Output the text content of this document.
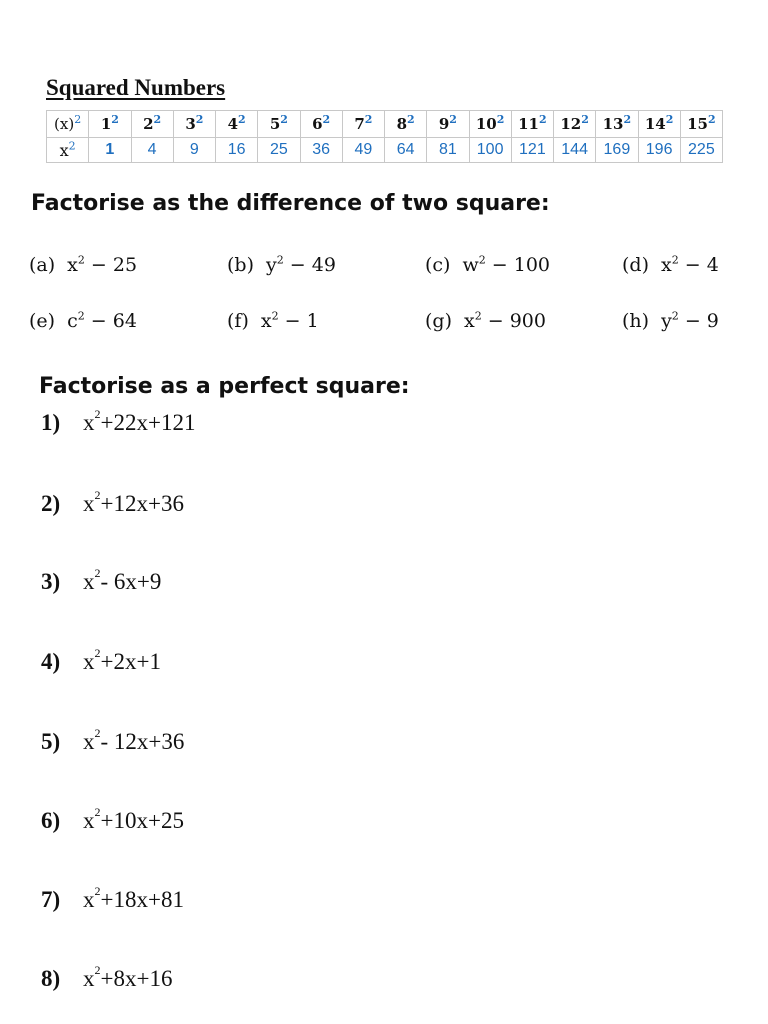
Squared Numbers
$(x)^2$	$1^2$	$2^2$	$3^2$	$4^2$	$5^2$	$6^2$	$7^2$	$8^2$	$9^2$	$10^2$	$11^2$	$12^2$	$13^2$	$14^2$	$15^2$
$x^2$	1	4	9	16	25	36	49	64	81	100	121	144	169	196	225
Factorise as the difference of two square:
(a) $x^2 - 25$	(b) $y^2 - 49$	(c) $w^2 - 100$	(d) $x^2 - 4$
(e) $c^2 - 64$	(f) $x^2 - 1$	(g) $x^2 - 900$	(h) $y^2 - 9$
Factorise as a perfect square:
1) $x^2+22x+121$
2) $x^2+12x+36$
3) $x^2-$ 6x+9
4) $x^2+2x+1$
5) $x^2-$ 12x+36
6) $x^2+10x+25$
7) $x^2+18x+81$
8) $x^2+8x+16$
